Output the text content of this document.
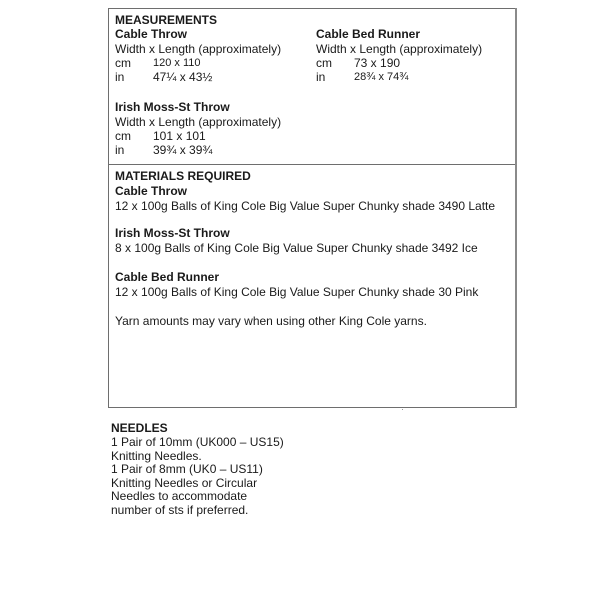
MEASUREMENTS
Cable Throw
Width x Length (approximately)
cm 120 x 110
in 47¼ x 43½
Cable Bed Runner
Width x Length (approximately)
cm 73 x 190
in	28¾ x 74¾
Irish Moss-St Throw
Width x Length (approximately)
cm 101 x 101
in 39¾ x 39¾
MATERIALS REQUIRED
Cable Throw
12 x 100g Balls of King Cole Big Value Super Chunky shade 3490 Latte
Irish Moss-St Throw
8 x 100g Balls of King Cole Big Value Super Chunky shade 3492 Ice
Cable Bed Runner
12 x 100g Balls of King Cole Big Value Super Chunky shade 30 Pink
Yarn amounts may vary when using other King Cole yarns.
NEEDLES
1 Pair of 10mm (UK000 – US15)
Knitting Needles.
1 Pair of 8mm (UK0 – US11)
Knitting Needles or Circular
Needles to accommodate
number of sts if preferred.
